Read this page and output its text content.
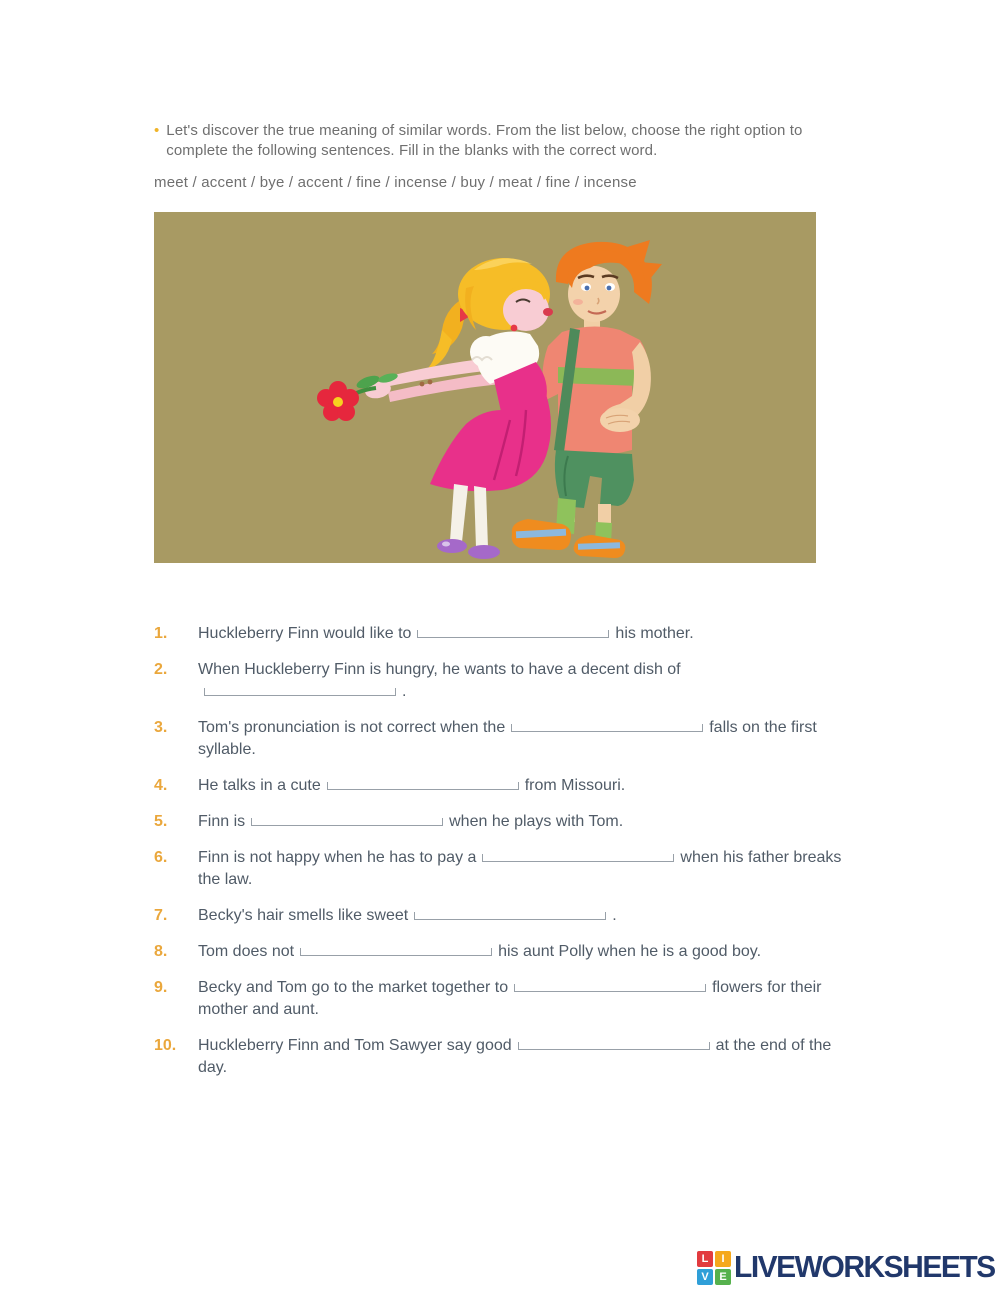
• Let's discover the true meaning of similar words. From the list below, choose the right option to complete the following sentences. Fill in the blanks with the correct word.

meet / accent / bye / accent / fine / incense / buy / meat / fine / incense
1.	Huckleberry Finn would like to	his mother.
2.	When Huckleberry Finn is hungry, he wants to have a decent dish of.
3.	Tom's pronunciation is not correct when the	falls on the first syllable.
4.	He talks in a cute	from Missouri.
5.	Finn is	when he plays with Tom.
6.	Finn is not happy when he has to pay a	when his father breaks the law.
7.	Becky's hair smells like sweet	.
8.	Tom does not	his aunt Polly when he is a good boy.
9.	Becky and Tom go to the market together to	flowers for their mother and aunt.
10.	Huckleberry Finn and Tom Sawyer say good	at the end of the day.
L	I
V E LIVEWORKSHEETS
